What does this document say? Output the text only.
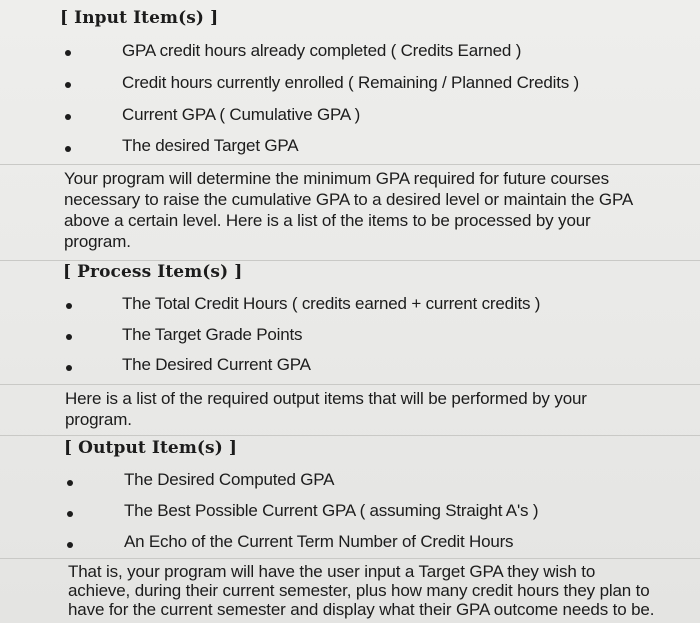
[ Input Item(s) ]
GPA credit hours already completed ( Credits Earned )
Credit hours currently enrolled ( Remaining / Planned Credits )
Current GPA ( Cumulative GPA )
The desired Target GPA
Your program will determine the minimum GPA required for future courses
necessary to raise the cumulative GPA to a desired level or maintain the GPA
above a certain level. Here is a list of the items to be processed by your
program.
[ Process Item(s) ]
The Total Credit Hours ( credits earned + current credits )
The Target Grade Points
The Desired Current GPA
Here is a list of the required output items that will be performed by your
program.
[ Output Item(s) ]
The Desired Computed GPA
The Best Possible Current GPA ( assuming Straight A's )
An Echo of the Current Term Number of Credit Hours
That is, your program will have the user input a Target GPA they wish to
achieve, during their current semester, plus how many credit hours they plan to
have for the current semester and display what their GPA outcome needs to be.
